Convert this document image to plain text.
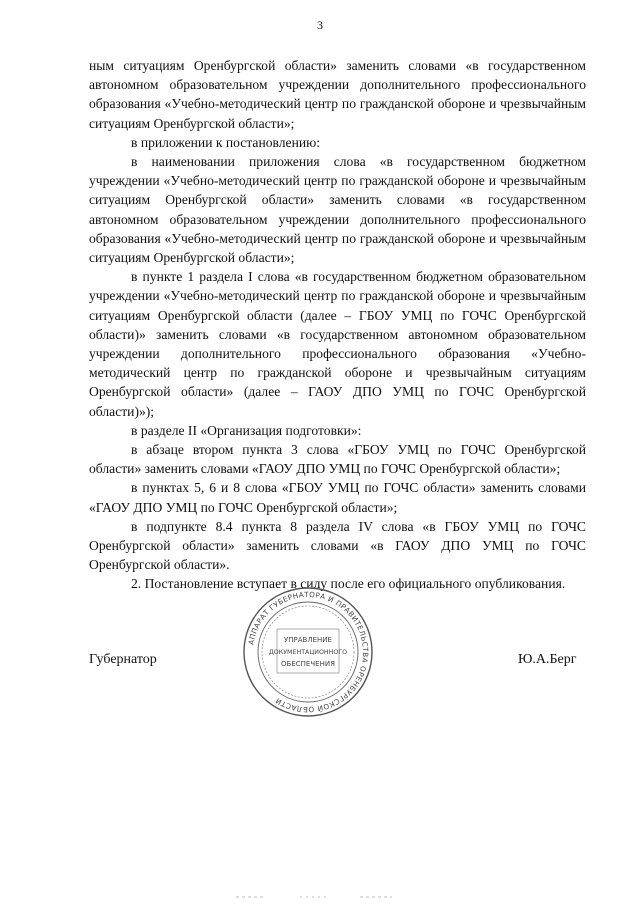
3

ным ситуациям Оренбургской области» заменить словами «в государственном автономном образовательном учреждении дополнительного профессионального образования «Учебно-методический центр по гражданской обороне и чрезвычайным ситуациям Оренбургской области»;

в приложении к постановлению:

в наименовании приложения слова «в государственном бюджетном учреждении «Учебно-методический центр по гражданской обороне и чрезвычайным ситуациям Оренбургской области» заменить словами «в государственном автономном образовательном учреждении дополнительного профессионального образования «Учебно-методический центр по гражданской обороне и чрезвычайным ситуациям Оренбургской области»;

в пункте 1 раздела I слова «в государственном бюджетном образовательном учреждении «Учебно-методический центр по гражданской обороне и чрезвычайным ситуациям Оренбургской области (далее – ГБОУ УМЦ по ГОЧС Оренбургской области)» заменить словами «в государственном автономном образовательном учреждении дополнительного профессионального образования «Учебно-методический центр по гражданской обороне и чрезвычайным ситуациям Оренбургской области» (далее – ГАОУ ДПО УМЦ по ГОЧС Оренбургской области)»);

в разделе II «Организация подготовки»:

в абзаце втором пункта 3 слова «ГБОУ УМЦ по ГОЧС Оренбургской области» заменить словами «ГАОУ ДПО УМЦ по ГОЧС Оренбургской области»;

в пунктах 5, 6 и 8 слова «ГБОУ УМЦ по ГОЧС области» заменить словами «ГАОУ ДПО УМЦ по ГОЧС Оренбургской области»;

в подпункте 8.4 пункта 8 раздела IV слова «в ГБОУ УМЦ по ГОЧС Оренбургской области» заменить словами «в ГАОУ ДПО УМЦ по ГОЧС Оренбургской области».

2. Постановление вступает в силу после его официального опубликования.

Губернатор	Ю.А.Берг
АППАРАТ ГУБЕРНАТОРА И ПРАВИТЕЛЬСТВА ОРЕНБУРГСКОЙ ОБЛАСТИ
УПРАВЛЕНИЕ
ДОКУМЕНТАЦИОННОГО
ОБЕСПЕЧЕНИЯ
